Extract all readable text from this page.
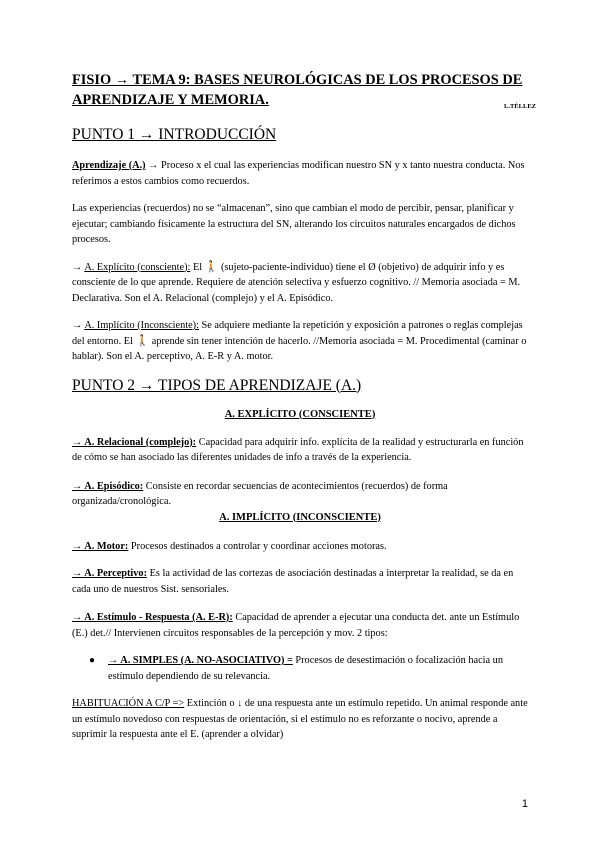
FISIO → TEMA 9: BASES NEUROLÓGICAS DE LOS PROCESOS DE APRENDIZAJE Y MEMORIA.	L.TÉLLEZ
PUNTO 1 → INTRODUCCIÓN

Aprendizaje (A.) → Proceso x el cual las experiencias modifican nuestro SN y x tanto nuestra conducta. Nos referimos a estos cambios como recuerdos.

Las experiencias (recuerdos) no se “almacenan”, sino que cambian el modo de percibir, pensar, planificar y ejecutar; cambiando físicamente la estructura del SN, alterando los circuitos naturales encargados de dichos procesos.

→ A. Explícito (consciente): El 🚶 (sujeto-paciente-individuo) tiene el Ø (objetivo) de adquirir info y es consciente de lo que aprende. Requiere de atención selectiva y esfuerzo cognitivo. // Memoria asociada = M. Declarativa. Son el A. Relacional (complejo) y el A. Episódico.

→ A. Implícito (Inconsciente): Se adquiere mediante la repetición y exposición a patrones o reglas complejas del entorno. El 🚶 aprende sin tener intención de hacerlo. //Memoria asociada = M. Procedimental (caminar o hablar). Son el A. perceptivo, A. E-R y A. motor.

PUNTO 2 → TIPOS DE APRENDIZAJE (A.)

A. EXPLÍCITO (CONSCIENTE)

→ A. Relacional (complejo): Capacidad para adquirir info. explícita de la realidad y estructurarla en función de cómo se han asociado las diferentes unidades de info a través de la experiencia.

→ A. Episódico: Consiste en recordar secuencias de acontecimientos (recuerdos) de forma organizada/cronológica.

A. IMPLÍCITO (INCONSCIENTE)

→ A. Motor: Procesos destinados a controlar y coordinar acciones motoras.

→ A. Perceptivo: Es la actividad de las cortezas de asociación destinadas a interpretar la realidad, se da en cada uno de nuestros Sist. sensoriales.

→ A. Estímulo - Respuesta (A. E-R): Capacidad de aprender a ejecutar una conducta det. ante un Estímulo (E.) det.// Intervienen circuitos responsables de la percepción y mov. 2 tipos:

● → A. SIMPLES (A. NO-ASOCIATIVO) = Procesos de desestimación o focalización hacia un estímulo dependiendo de su relevancia.

HABITUACIÓN A C/P => Extinción o ↓ de una respuesta ante un estímulo repetido. Un animal responde ante un estímulo novedoso con respuestas de orientación, si el estímulo no es reforzante o nocivo, aprende a suprimir la respuesta ante el E. (aprender a olvidar)

1
